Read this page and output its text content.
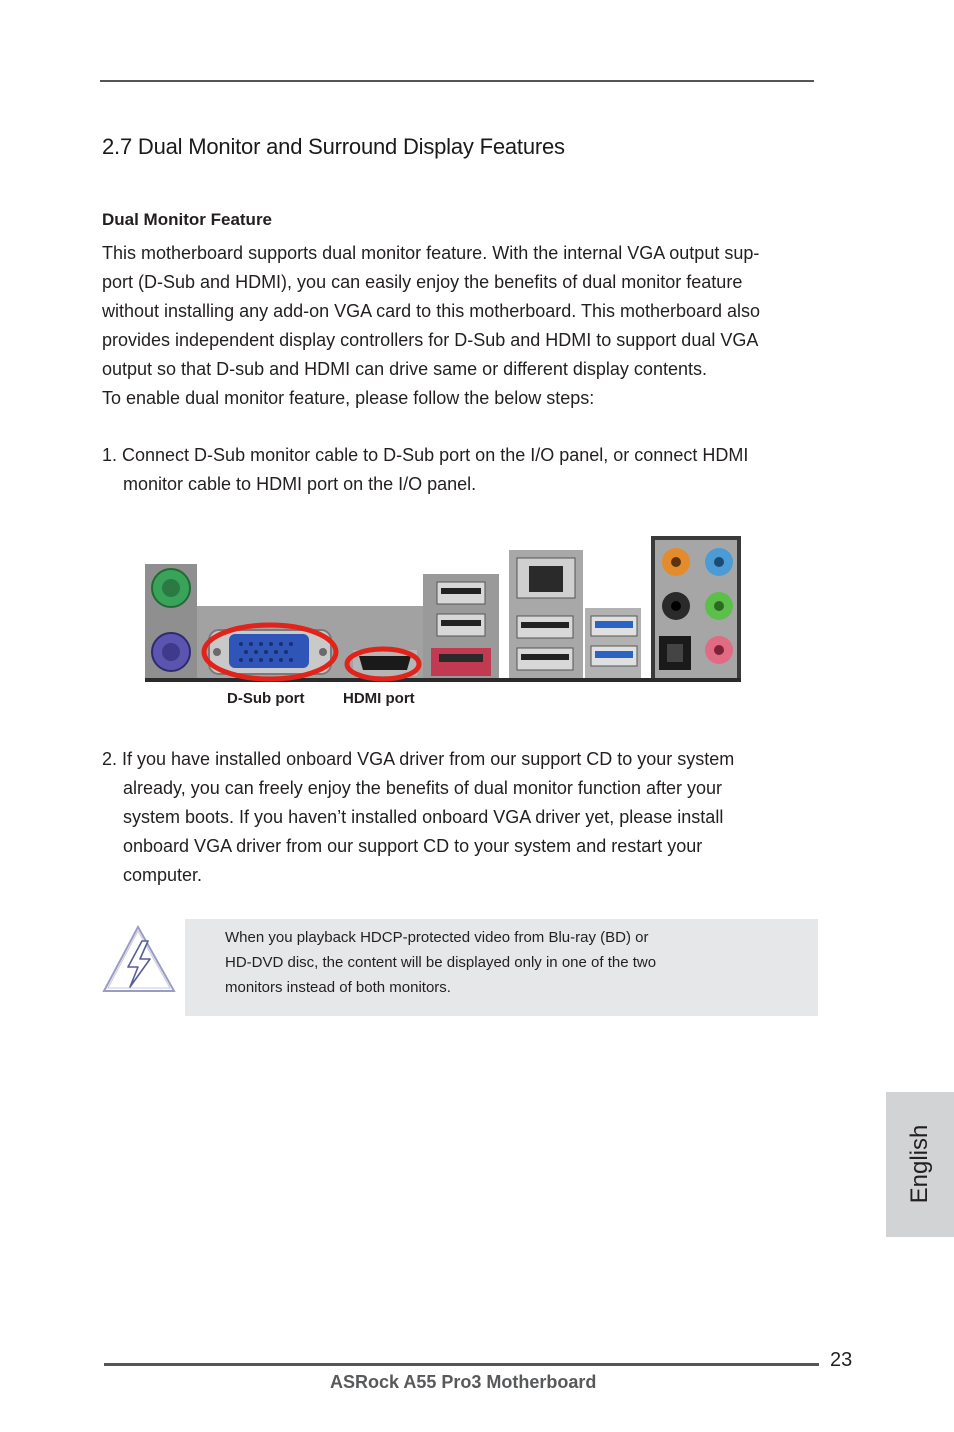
2.7 Dual Monitor and Surround Display Features
Dual Monitor Feature
This motherboard supports dual monitor feature. With the internal VGA output sup-
port (D-Sub and HDMI), you can easily enjoy the benefits of dual monitor feature
without installing any add-on VGA card to this motherboard. This motherboard also
provides independent display controllers for D-Sub and HDMI to support dual VGA
output so that D-sub and HDMI can drive same or different display contents.
To enable dual monitor feature, please follow the below steps:
1. Connect D-Sub monitor cable to D-Sub port on the I/O panel, or connect HDMI
monitor cable to HDMI port on the I/O panel.
D-Sub port	HDMI port
2. If you have installed onboard VGA driver from our support CD to your system
already, you can freely enjoy the benefits of dual monitor function after your
system boots. If you haven’t installed onboard VGA driver yet, please install
onboard VGA driver from our support CD to your system and restart your
computer.
When you playback HDCP-protected video from Blu-ray (BD) or
HD-DVD disc, the content will be displayed only in one of the two
monitors instead of both monitors.
English
23
ASRock A55 Pro3 Motherboard
